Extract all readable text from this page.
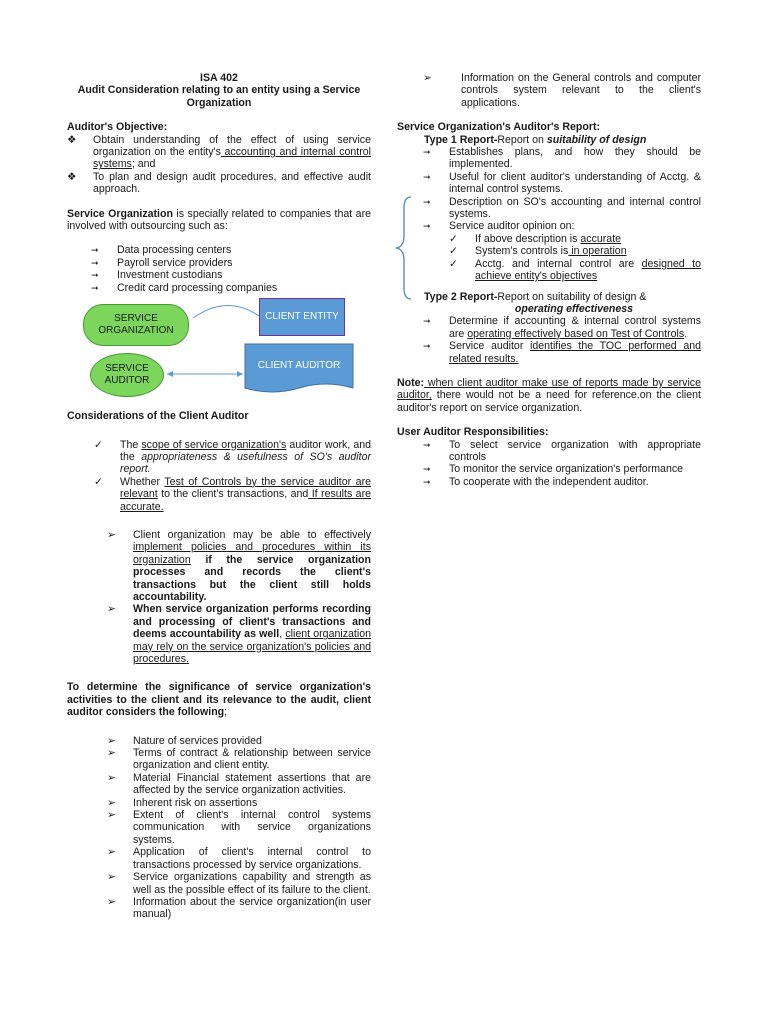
ISA 402
Audit Consideration relating to an entity using a Service Organization
Auditor's Objective:
❖	Obtain understanding of the effect of using service organization on the entity's accounting and internal control systems; and
❖	To plan and design audit procedures, and effective audit approach.
Service Organization is specially related to companies that are involved with outsourcing such as:
➞	Data processing centers
➞	Payroll service providers
➞	Investment custodians
➞	Credit card processing companies
SERVICE ORGANIZATION
SERVICE AUDITOR
CLIENT ENTITY
CLIENT AUDITOR
Considerations of the Client Auditor
✓	The scope of service organization's auditor work, and the appropriateness & usefulness of SO's auditor report.
✓	Whether Test of Controls by the service auditor are relevant to the client's transactions, and If results are accurate.
➢	Client organization may be able to effectively implement policies and procedures within its organization if the service organization processes and records the client's transactions but the client still holds accountability.
➢	When service organization performs recording and processing of client's transactions and deems accountability as well, client organization may rely on the service organization's policies and procedures.
To determine the significance of service organization's activities to the client and its relevance to the audit, client auditor considers the following;
➢	Nature of services provided
➢	Terms of contract & relationship between service organization and client entity.
➢	Material Financial statement assertions that are affected by the service organization activities.
➢	Inherent risk on assertions
➢	Extent of client's internal control systems communication with service organizations systems.
➢	Application of client's internal control to transactions processed by service organizations.
➢	Service organizations capability and strength as well as the possible effect of its failure to the client.
➢	Information about the service organization(in user manual)
➢	Information on the General controls and computer controls system relevant to the client's applications.
Service Organization's Auditor's Report:
Type 1 Report-Report on suitability of design
➞	Establishes plans, and how they should be implemented.
➞	Useful for client auditor's understanding of Acctg. & internal control systems.
➞	Description on SO's accounting and internal control systems.
➞	Service auditor opinion on:
✓	If above description is accurate
✓	System's controls is in operation
✓	Acctg. and internal control are designed to achieve entity's objectives
Type 2 Report-Report on suitability of design &
operating effectiveness
➞	Determine if accounting & internal control systems are operating effectively based on Test of Controls.
➞	Service auditor identifies the TOC performed and related results.
Note: when client auditor make use of reports made by service auditor, there would not be a need for reference.on the client auditor's report on service organization.
User Auditor Responsibilities:
➞	To select service organization with appropriate controls
➞	To monitor the service organization's performance
➞	To cooperate with the independent auditor.
